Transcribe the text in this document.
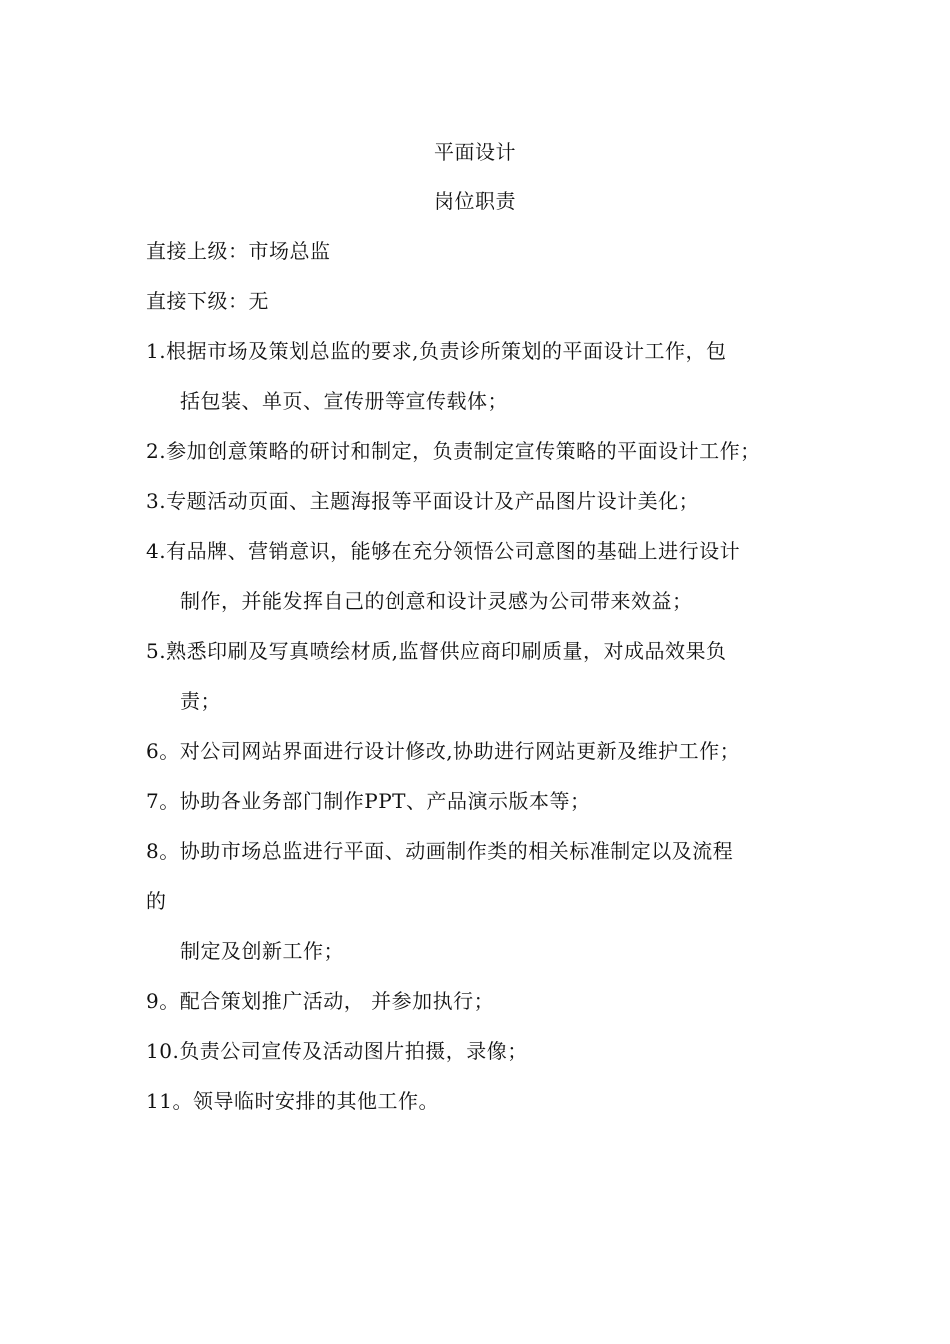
平面设计
岗位职责
直接上级：市场总监
直接下级：无
1.根据市场及策划总监的要求,负责诊所策划的平面设计工作，包
括包装、单页、宣传册等宣传载体；
2.参加创意策略的研讨和制定，负责制定宣传策略的平面设计工作；
3.专题活动页面、主题海报等平面设计及产品图片设计美化；
4.有品牌、营销意识，能够在充分领悟公司意图的基础上进行设计
制作，并能发挥自己的创意和设计灵感为公司带来效益；
5.熟悉印刷及写真喷绘材质,监督供应商印刷质量，对成品效果负
责；
6。对公司网站界面进行设计修改,协助进行网站更新及维护工作；
7。协助各业务部门制作PPT、产品演示版本等；
8。协助市场总监进行平面、动画制作类的相关标准制定以及流程
的
制定及创新工作；
9。配合策划推广活动， 并参加执行；
10.负责公司宣传及活动图片拍摄，录像；
11。领导临时安排的其他工作。
